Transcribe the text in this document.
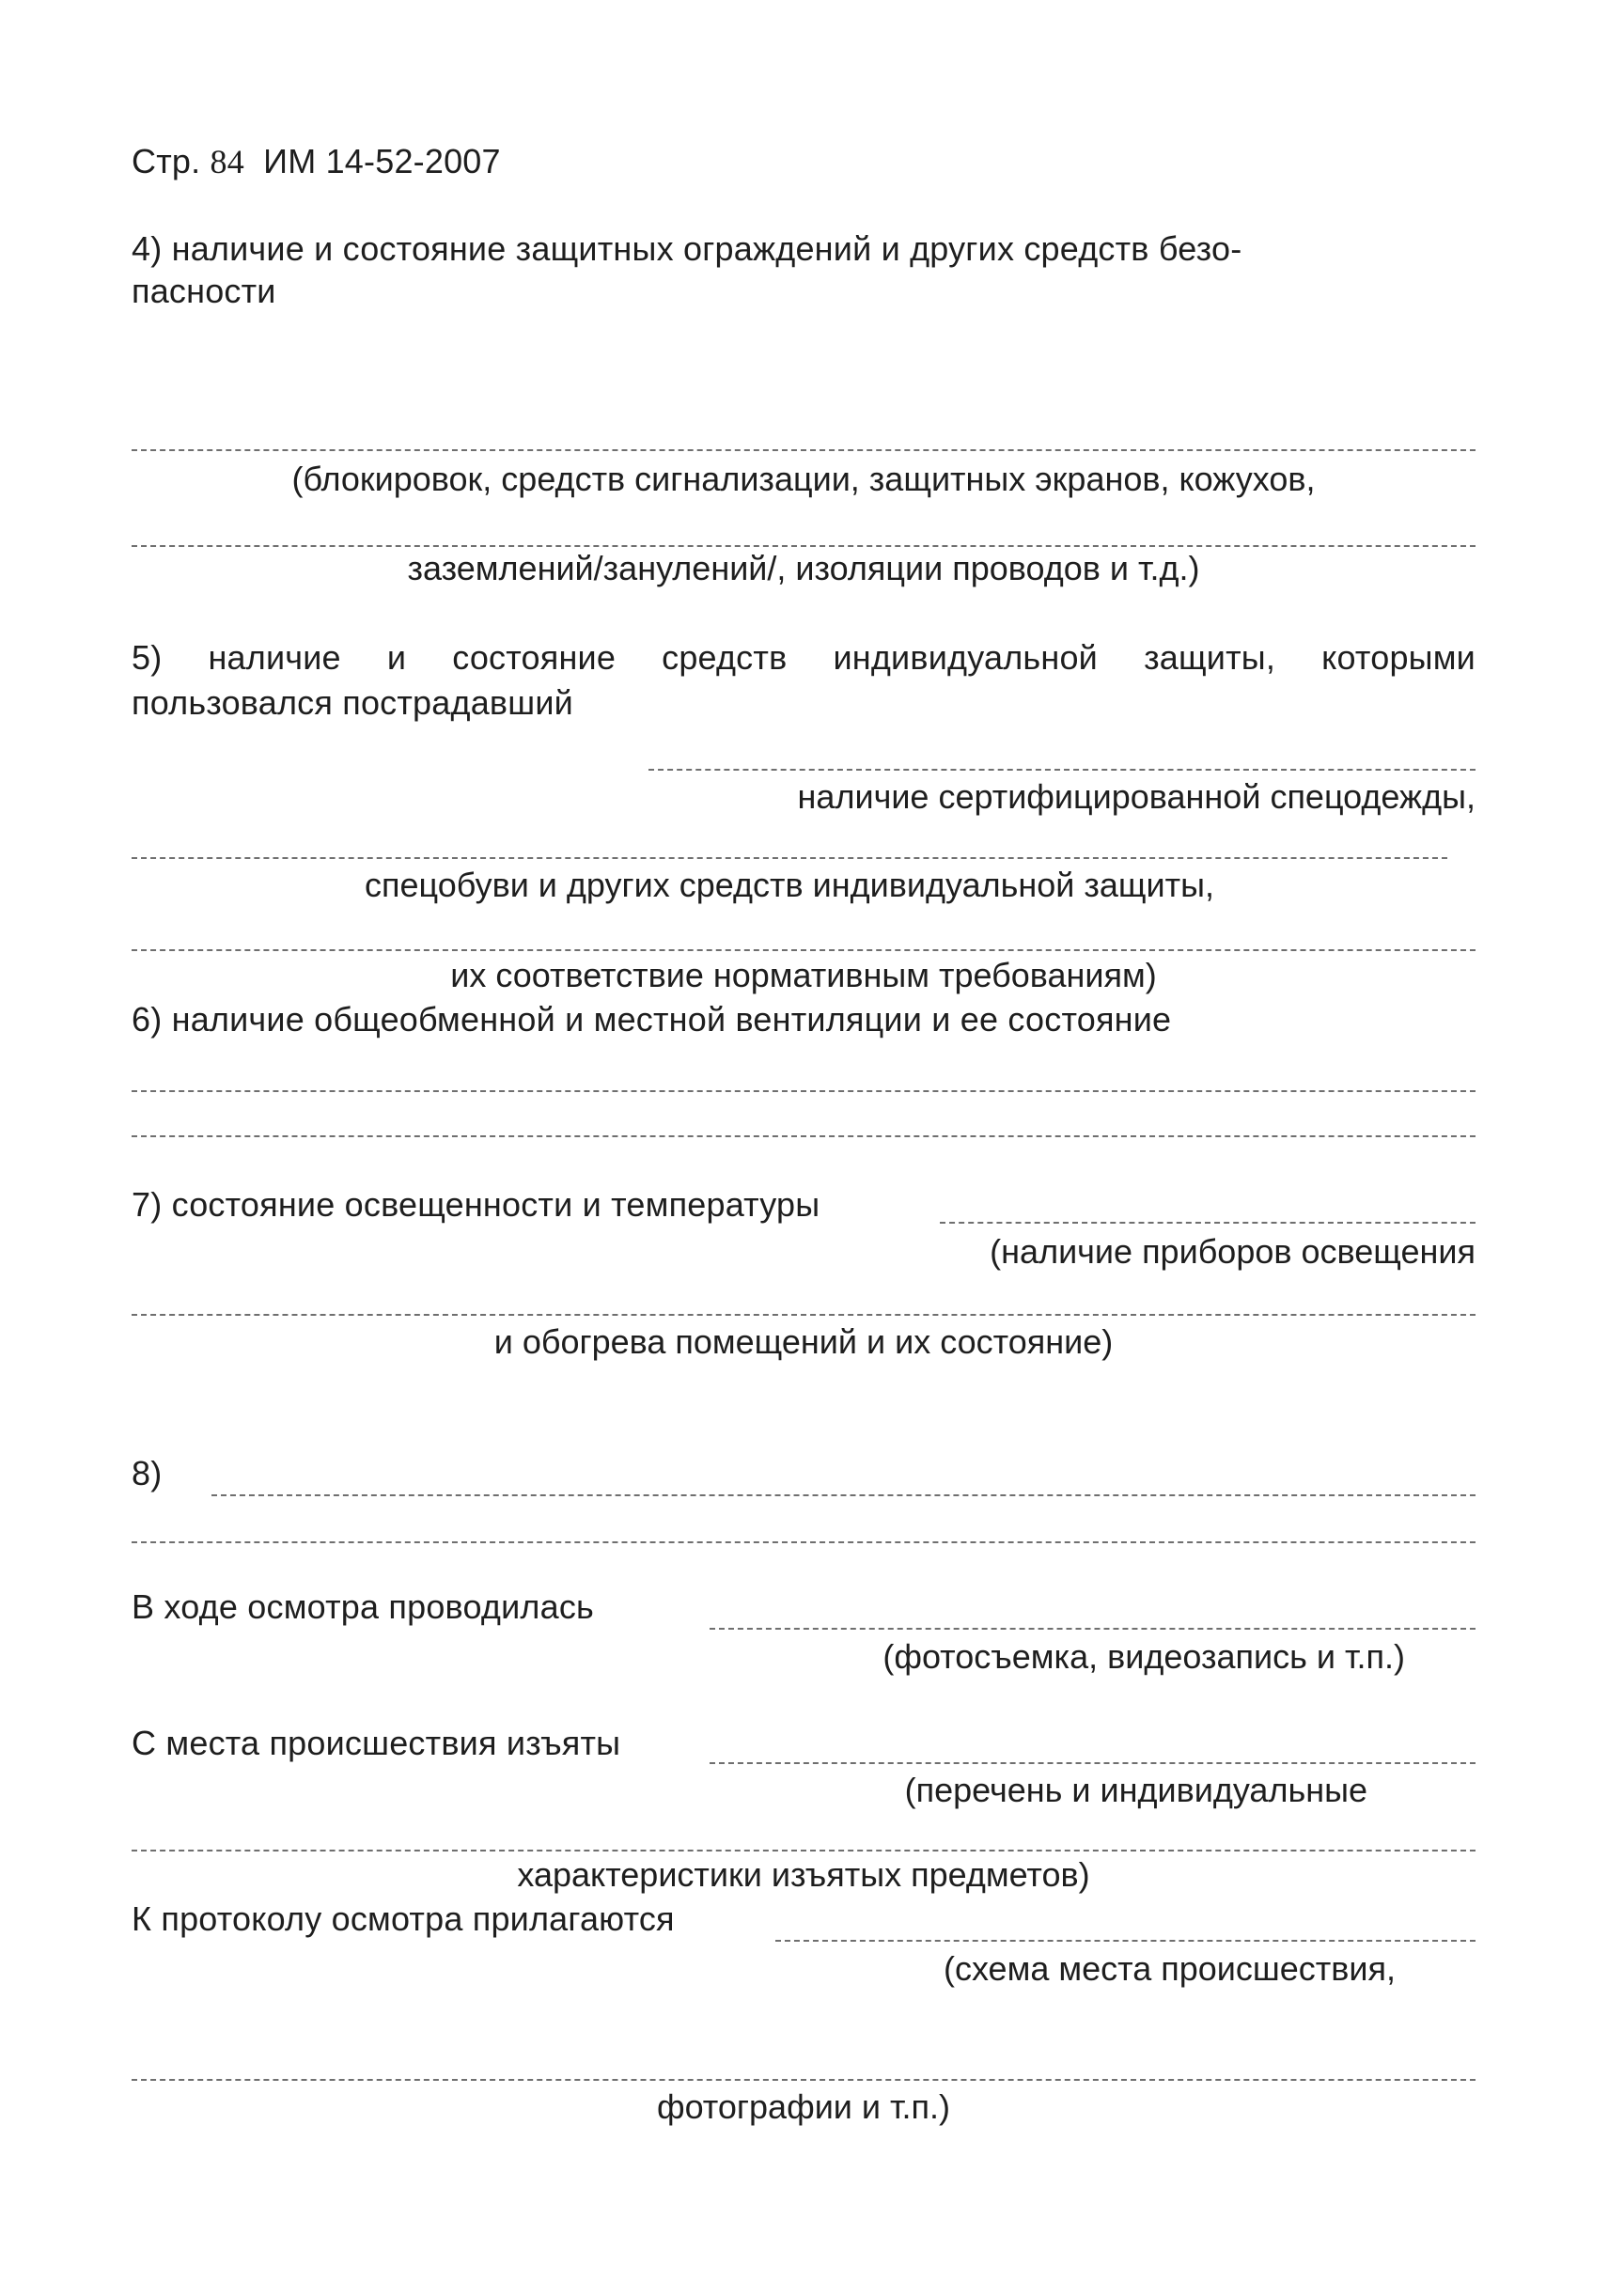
Стр. 84 ИМ 14-52-2007
4) наличие и состояние защитных ограждений и других средств безо-
пасности
(блокировок, средств сигнализации, защитных экранов, кожухов,
заземлений/занулений/, изоляции проводов и т.д.)
5) наличие и состояние средств индивидуальной защиты, которыми
пользовался пострадавший
наличие сертифицированной спецодежды,
спецобуви и других средств индивидуальной защиты,
их соответствие нормативным требованиям)
6) наличие общеобменной и местной вентиляции и ее состояние
7) состояние освещенности и температуры
(наличие приборов освещения
и обогрева помещений и их состояние)
8)
В ходе осмотра проводилась
(фотосъемка, видеозапись и т.п.)
С места происшествия изъяты
(перечень и индивидуальные
характеристики изъятых предметов)
К протоколу осмотра прилагаются
(схема места происшествия,
фотографии и т.п.)
